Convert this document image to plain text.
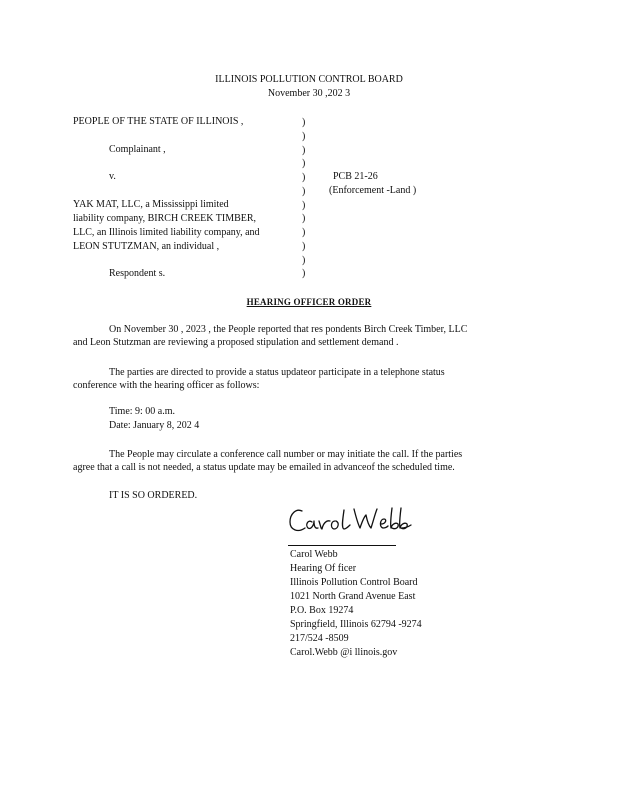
ILLINOIS POLLUTION CONTROL BOARD
November 30 ,202 3
PEOPLE OF THE STATE OF ILLINOIS ,
Complainant ,
v.
YAK MAT, LLC, a Mississippi limited
liability company, BIRCH CREEK TIMBER,
LLC, an Illinois limited liability company, and
LEON STUTZMAN, an individual ,
Respondent s.
)
)
)
)
)
)
)
)
)
)
)
)
PCB 21-26
(Enforcement -Land )
HEARING OFFICER ORDER
On November 30 , 2023 , the People reported that res pondents Birch Creek Timber, LLC
and Leon Stutzman are reviewing a proposed stipulation and settlement demand .
The parties are directed to provide a status updateor participate in a telephone status
conference with the hearing officer as follows:
Time: 9: 00 a.m.
Date: January 8, 202 4
The People may circulate a conference call number or may initiate the call. If the parties
agree that a call is not needed, a status update may be emailed in advanceof the scheduled time.
IT IS SO ORDERED.
Carol Webb
Hearing Of ficer
Illinois Pollution Control Board
1021 North Grand Avenue East
P.O. Box 19274
Springfield, Illinois 62794 -9274
217/524 -8509
Carol.Webb @i llinois.gov
